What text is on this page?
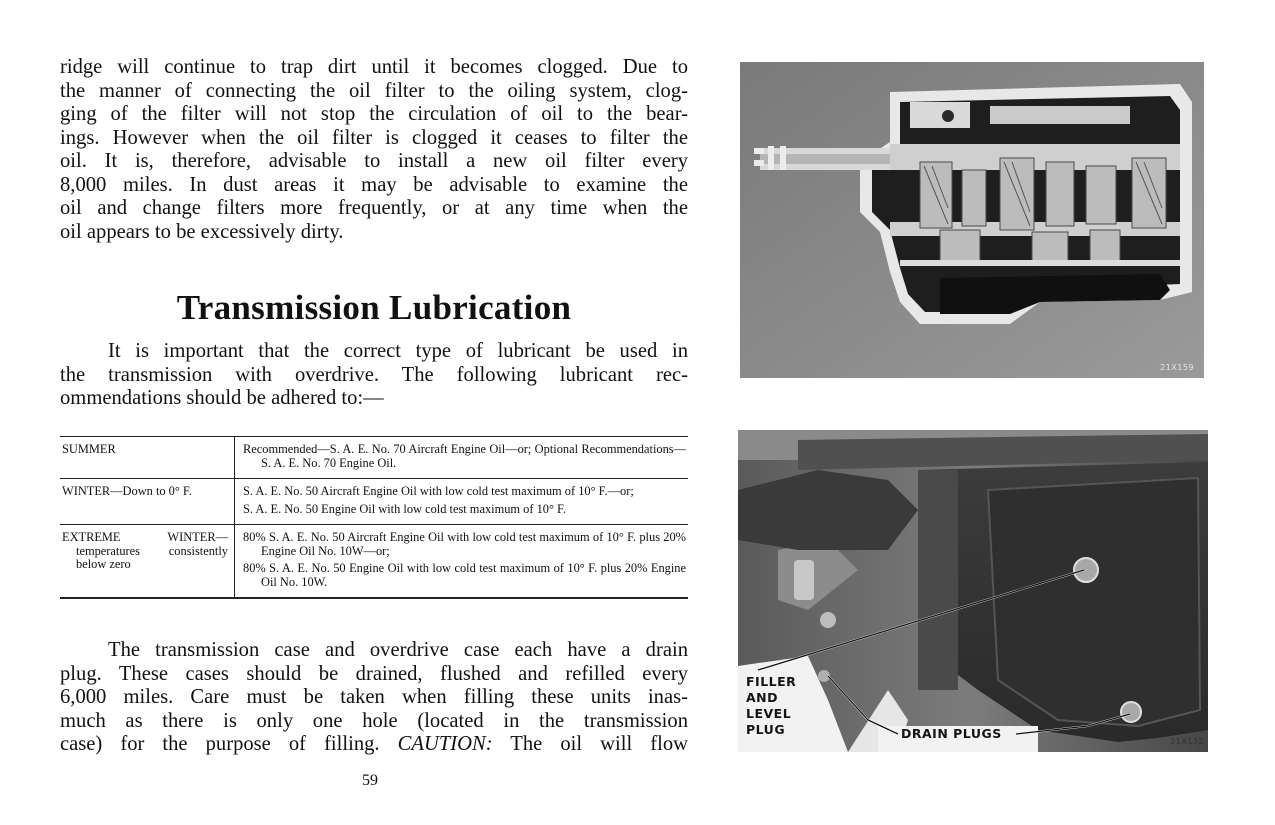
ridge will continue to trap dirt until it becomes clogged. Due to
the manner of connecting the oil filter to the oiling system, clog-
ging of the filter will not stop the circulation of oil to the bear-
ings. However when the oil filter is clogged it ceases to filter the
oil. It is, therefore, advisable to install a new oil filter every
8,000 miles. In dust areas it may be advisable to examine the
oil and change filters more frequently, or at any time when the
oil appears to be excessively dirty.
Transmission Lubrication
It is important that the correct type of lubricant be used in
the transmission with overdrive. The following lubricant rec-
ommendations should be adhered to:—
SUMMER	Recommended—S. A. E. No. 70 Aircraft Engine Oil—or; Optional Recommendations—S. A. E. No. 70 Engine Oil.

WINTER—Down to 0° F.	S. A. E. No. 50 Aircraft Engine Oil with low cold test maximum of 10° F.—or;
S. A. E. No. 50 Engine Oil with low cold test maximum of 10° F.

EXTREME WINTER—temperatures consistently below zero	80% S. A. E. No. 50 Aircraft Engine Oil with low cold test maximum of 10° F. plus 20% Engine Oil No. 10W—or;
80% S. A. E. No. 50 Engine Oil with low cold test maximum of 10° F. plus 20% Engine Oil No. 10W.
The transmission case and overdrive case each have a drain
plug. These cases should be drained, flushed and refilled every
6,000 miles. Care must be taken when filling these units inas-
much as there is only one hole (located in the transmission
case) for the purpose of filling. CAUTION: The oil will flow
59
21X159
FILLER
AND
LEVEL
PLUG	DRAIN PLUGS
21X132
